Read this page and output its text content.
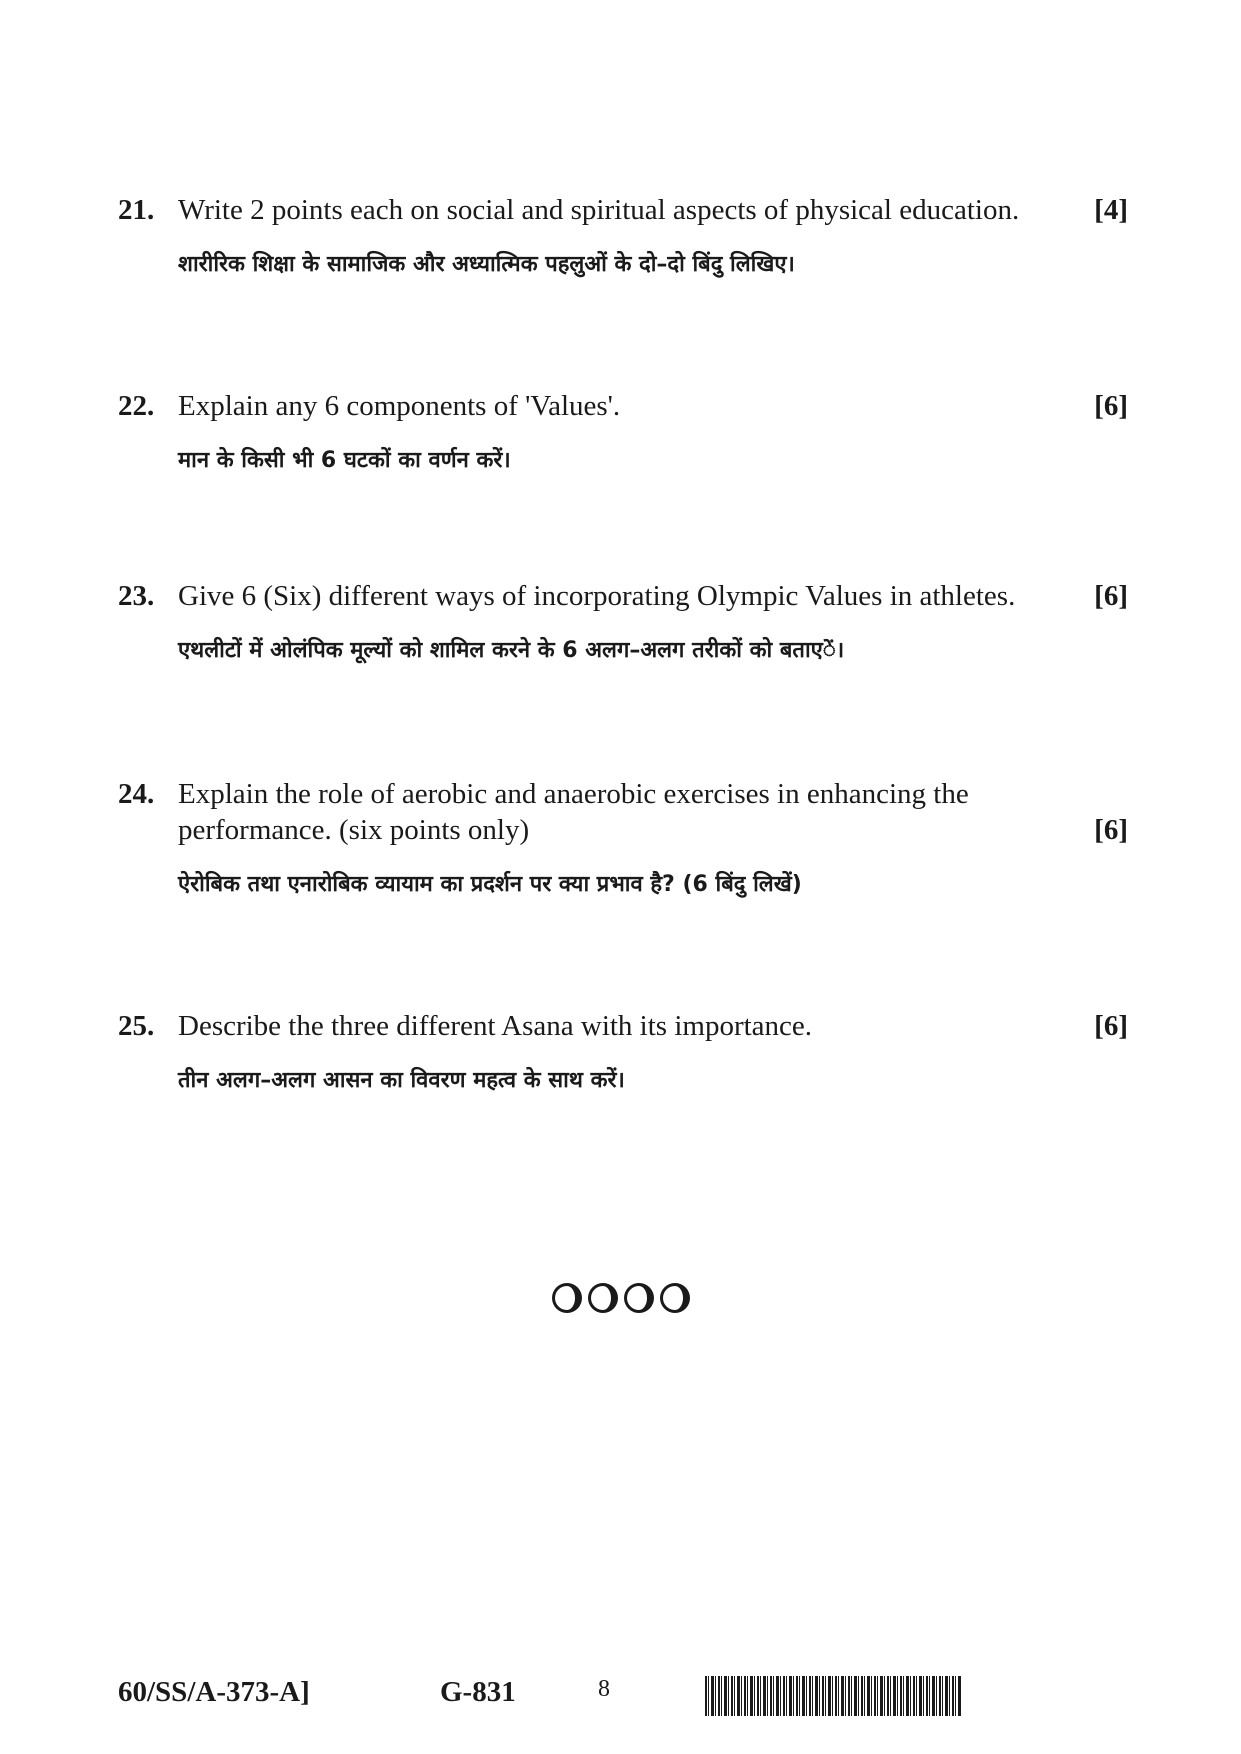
21. Write 2 points each on social and spiritual aspects of physical education.	[4]
शारीरिक शिक्षा के सामाजिक और अध्यात्मिक पहलुओं के दो–दो बिंदु लिखिए।
22. Explain any 6 components of 'Values'.	[6]
मान के किसी भी 6 घटकों का वर्णन करें।
23. Give 6 (Six) different ways of incorporating Olympic Values in athletes.	[6]
एथलीटों में ओलंपिक मूल्यों को शामिल करने के 6 अलग–अलग तरीकों को बताएें।
24. Explain the role of aerobic and anaerobic exercises in enhancing the performance. (six points only)	[6]
ऐरोबिक तथा एनारोबिक व्यायाम का प्रदर्शन पर क्या प्रभाव है? (6 बिंदु लिखें)
25. Describe the three different Asana with its importance.	[6]
तीन अलग–अलग आसन का विवरण महत्व के साथ करें।
60/SS/A-373-A]	G-831	8
